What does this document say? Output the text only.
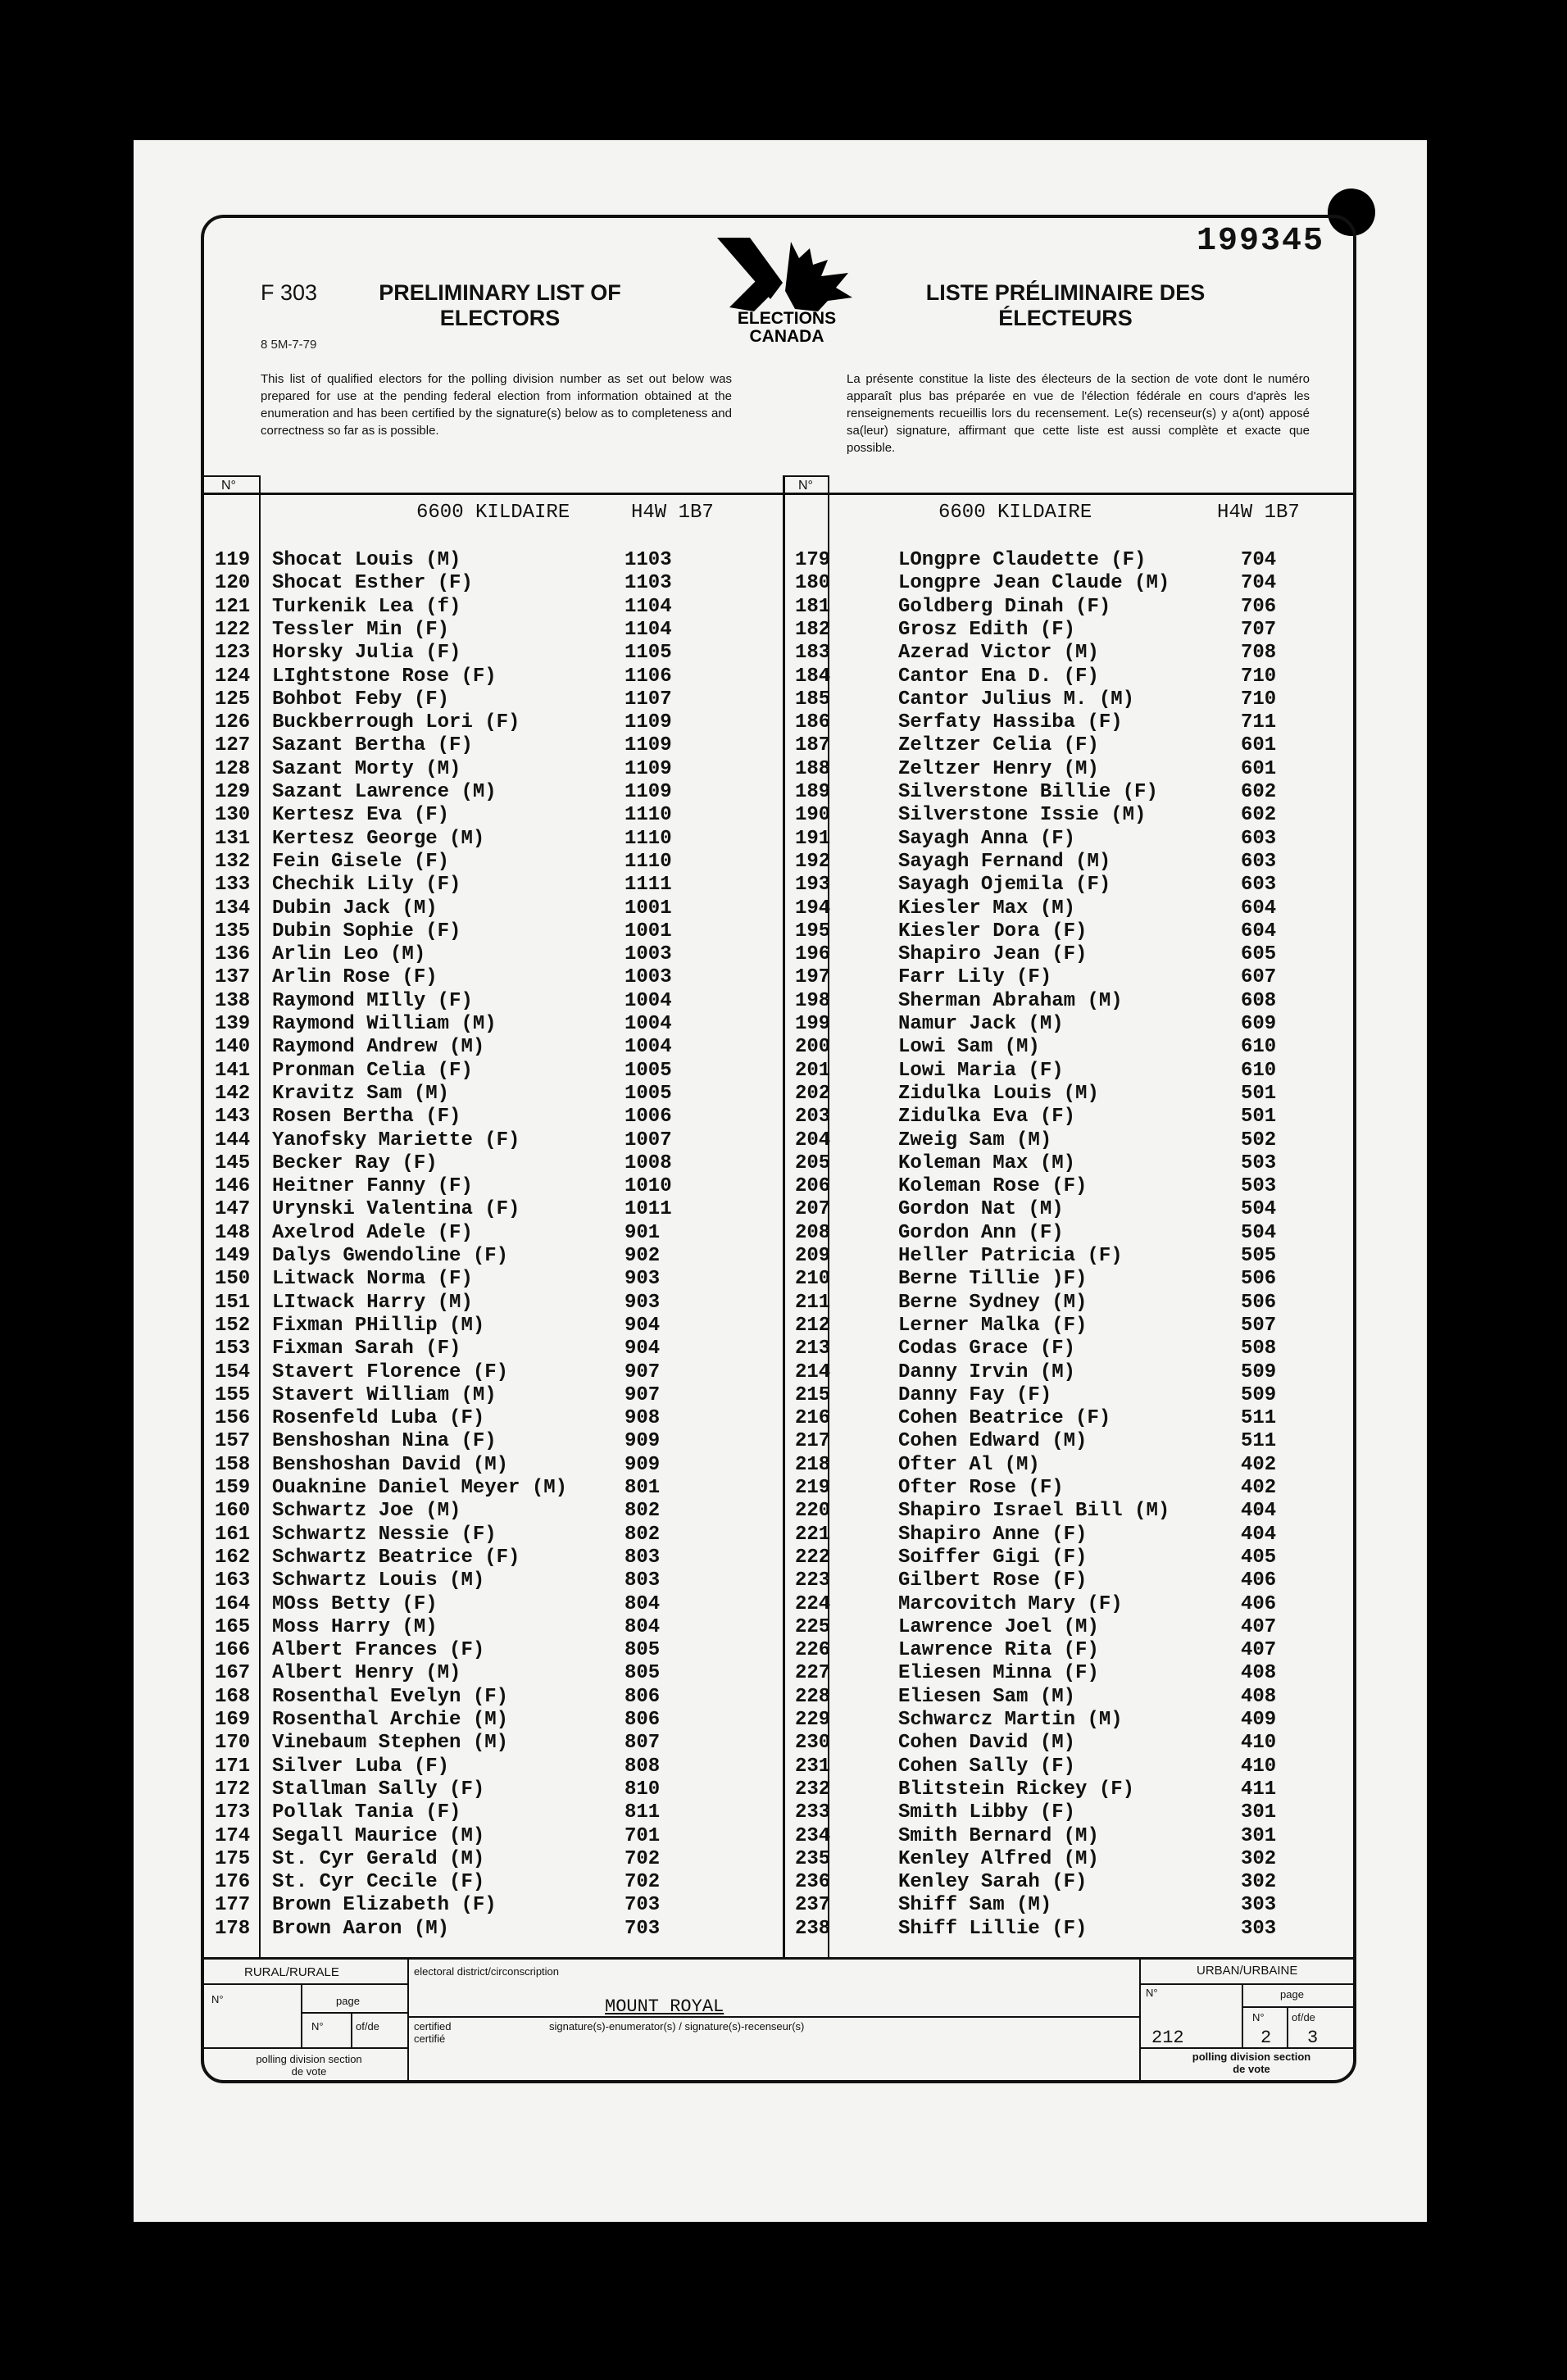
199345
F 303
8 5M-7-79
PRELIMINARY LIST OF ELECTORS
LISTE PRÉLIMINAIRE DES ÉLECTEURS
ELECTIONS
CANADA
This list of qualified electors for the polling division number as set out below was prepared for use at the pending federal election from information obtained at the enumeration and has been certified by the signature(s) below as to completeness and correctness so far as is possible.
La présente constitue la liste des électeurs de la section de vote dont le numéro apparaît plus bas préparée en vue de l'élection fédérale en cours d'après les renseignements recueillis lors du recensement. Le(s) recenseur(s) y a(ont) apposé sa(leur) signature, affirmant que cette liste est aussi complète et exacte que possible.
N°	N°
6600 KILDAIRE	H4W 1B7	6600 KILDAIRE	H4W 1B7
119 Shocat Louis (M)	1103
120 Shocat Esther (F)	1103
121 Turkenik Lea (f)	1104
122 Tessler Min (F)	1104
123 Horsky Julia (F)	1105
124 LIghtstone Rose (F)	1106
125 Bohbot Feby (F)	1107
126 Buckberrough Lori (F)	1109
127 Sazant Bertha (F)	1109
128 Sazant Morty (M)	1109
129 Sazant Lawrence (M)	1109
130 Kertesz Eva (F)	1110
131 Kertesz George (M)	1110
132 Fein Gisele (F)	1110
133 Chechik Lily (F)	1111
134 Dubin Jack (M)	1001
135 Dubin Sophie (F)	1001
136 Arlin Leo (M)	1003
137 Arlin Rose (F)	1003
138 Raymond MIlly (F)	1004
139 Raymond William (M)	1004
140 Raymond Andrew (M)	1004
141 Pronman Celia (F)	1005
142 Kravitz Sam (M)	1005
143 Rosen Bertha (F)	1006
144 Yanofsky Mariette (F)	1007
145 Becker Ray (F)	1008
146 Heitner Fanny (F)	1010
147 Urynski Valentina (F)	1011
148 Axelrod Adele (F)	901
149 Dalys Gwendoline (F)	902
150 Litwack Norma (F)	903
151 LItwack Harry (M)	903
152 Fixman PHillip (M)	904
153 Fixman Sarah (F)	904
154 Stavert Florence (F)	907
155 Stavert William (M)	907
156 Rosenfeld Luba (F)	908
157 Benshoshan Nina (F)	909
158 Benshoshan David (M)	909
159 Ouaknine Daniel Meyer (M)	801
160 Schwartz Joe (M)	802
161 Schwartz Nessie (F)	802
162 Schwartz Beatrice (F)	803
163 Schwartz Louis (M)	803
164 MOss Betty (F)	804
165 Moss Harry (M)	804
166 Albert Frances (F)	805
167 Albert Henry (M)	805
168 Rosenthal Evelyn (F)	806
169 Rosenthal Archie (M)	806
170 Vinebaum Stephen (M)	807
171 Silver Luba (F)	808
172 Stallman Sally (F)	810
173 Pollak Tania (F)	811
174 Segall Maurice (M)	701
175 St. Cyr Gerald (M)	702
176 St. Cyr Cecile (F)	702
177 Brown Elizabeth (F)	703
178 Brown Aaron (M)	703
179	LOngpre Claudette (F)	704
180	Longpre Jean Claude (M)	704
181	Goldberg Dinah (F)	706
182	Grosz Edith (F)	707
183	Azerad Victor (M)	708
184	Cantor Ena D. (F)	710
185	Cantor Julius M. (M)	710
186	Serfaty Hassiba (F)	711
187	Zeltzer Celia (F)	601
188	Zeltzer Henry (M)	601
189	Silverstone Billie (F)	602
190	Silverstone Issie (M)	602
191	Sayagh Anna (F)	603
192	Sayagh Fernand (M)	603
193	Sayagh Ojemila (F)	603
194	Kiesler Max (M)	604
195	Kiesler Dora (F)	604
196	Shapiro Jean (F)	605
197	Farr Lily (F)	607
198	Sherman Abraham (M)	608
199	Namur Jack (M)	609
200	Lowi Sam (M)	610
201	Lowi Maria (F)	610
202	Zidulka Louis (M)	501
203	Zidulka Eva (F)	501
204	Zweig Sam (M)	502
205	Koleman Max (M)	503
206	Koleman Rose (F)	503
207	Gordon Nat (M)	504
208	Gordon Ann (F)	504
209	Heller Patricia (F)	505
210	Berne Tillie )F)	506
211	Berne Sydney (M)	506
212	Lerner Malka (F)	507
213	Codas Grace (F)	508
214	Danny Irvin (M)	509
215	Danny Fay (F)	509
216	Cohen Beatrice (F)	511
217	Cohen Edward (M)	511
218	Ofter Al (M)	402
219	Ofter Rose (F)	402
220	Shapiro Israel Bill (M)	404
221	Shapiro Anne (F)	404
222	Soiffer Gigi (F)	405
223	Gilbert Rose (F)	406
224	Marcovitch Mary (F)	406
225	Lawrence Joel (M)	407
226	Lawrence Rita (F)	407
227	Eliesen Minna (F)	408
228	Eliesen Sam (M)	408
229	Schwarcz Martin (M)	409
230	Cohen David (M)	410
231	Cohen Sally (F)	410
232	Blitstein Rickey (F)	411
233	Smith Libby (F)	301
234	Smith Bernard (M)	301
235	Kenley Alfred (M)	302
236	Kenley Sarah (F)	302
237	Shiff Sam (M)	303
238	Shiff Lillie (F)	303
RURAL/RURALE
page
N°
N°	of/de
polling division section de vote
electoral district/circonscription
MOUNT ROYAL
certified certifié
signature(s)-enumerator(s) / signature(s)-recenseur(s)
URBAN/URBAINE
N°	page
N°	of/de
212	2 3
polling division section de vote
